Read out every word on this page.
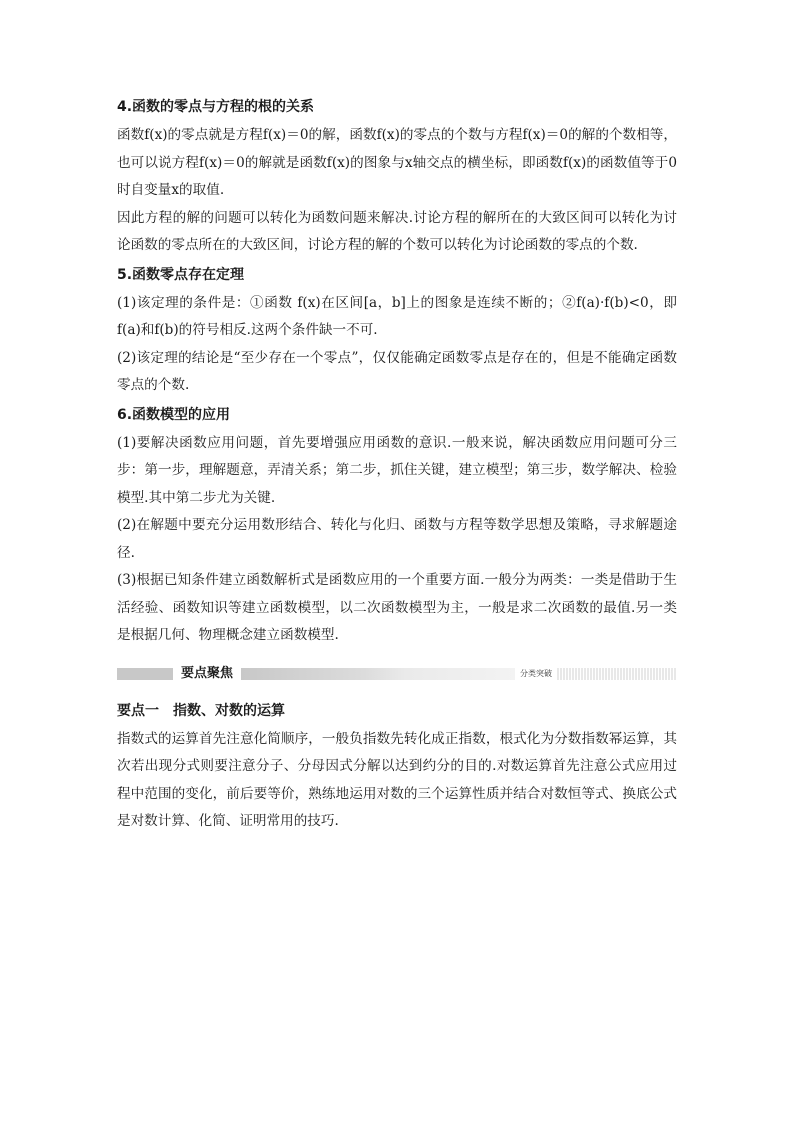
4.函数的零点与方程的根的关系

函数f(x)的零点就是方程f(x)＝0的解，函数f(x)的零点的个数与方程f(x)＝0的解的个数相等，也可以说方程f(x)＝0的解就是函数f(x)的图象与x轴交点的横坐标，即函数f(x)的函数值等于0时自变量x的取值.

因此方程的解的问题可以转化为函数问题来解决.讨论方程的解所在的大致区间可以转化为讨论函数的零点所在的大致区间，讨论方程的解的个数可以转化为讨论函数的零点的个数.

5.函数零点存在定理

(1)该定理的条件是：①函数 f(x)在区间[a，b]上的图象是连续不断的；②f(a)·f(b)<0，即f(a)和f(b)的符号相反.这两个条件缺一不可.

(2)该定理的结论是“至少存在一个零点”，仅仅能确定函数零点是存在的，但是不能确定函数零点的个数.

6.函数模型的应用

(1)要解决函数应用问题，首先要增强应用函数的意识.一般来说，解决函数应用问题可分三步：第一步，理解题意，弄清关系；第二步，抓住关键，建立模型；第三步，数学解决、检验模型.其中第二步尤为关键.

(2)在解题中要充分运用数形结合、转化与化归、函数与方程等数学思想及策略，寻求解题途径.

(3)根据已知条件建立函数解析式是函数应用的一个重要方面.一般分为两类：一类是借助于生活经验、函数知识等建立函数模型，以二次函数模型为主，一般是求二次函数的最值.另一类是根据几何、物理概念建立函数模型.

要点聚焦	分类突破
要点一　指数、对数的运算

指数式的运算首先注意化简顺序，一般负指数先转化成正指数，根式化为分数指数幂运算，其次若出现分式则要注意分子、分母因式分解以达到约分的目的.对数运算首先注意公式应用过程中范围的变化，前后要等价，熟练地运用对数的三个运算性质并结合对数恒等式、换底公式是对数计算、化简、证明常用的技巧.
